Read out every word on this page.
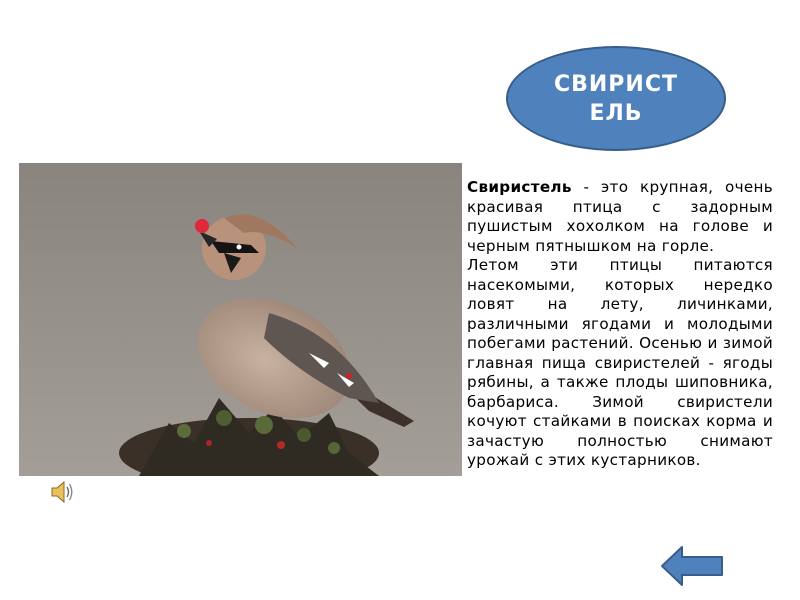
СВИРИСТ
ЕЛЬ

Свиристель - это крупная, очень красивая птица с задорным пушистым хохолком на голове и черным пятнышком на горле.

Летом эти птицы питаются насекомыми, которых нередко ловят на лету, личинками, различными ягодами и молодыми побегами растений. Осенью и зимой главная пища свиристелей - ягоды рябины, а также плоды шиповника, барбариса. Зимой свиристели кочуют стайками в поисках корма и зачастую полностью снимают урожай с этих кустарников.
